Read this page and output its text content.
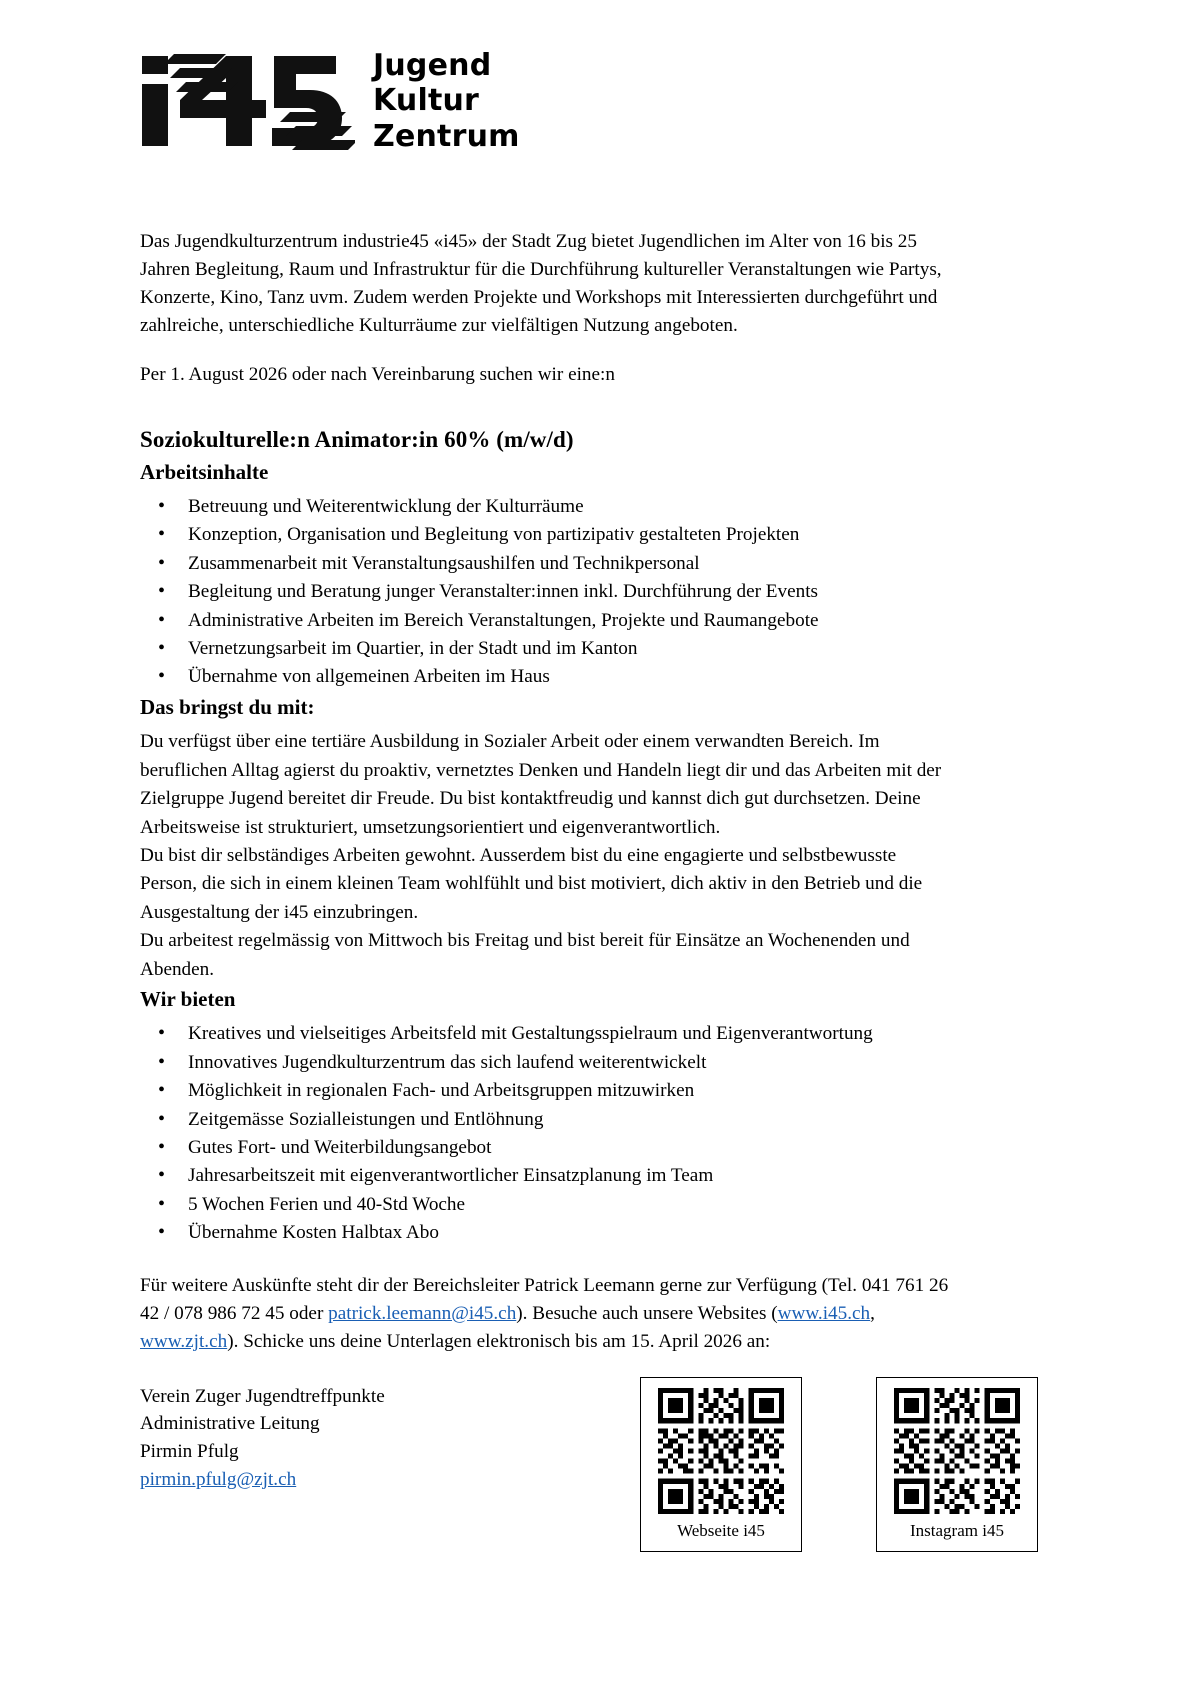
Jugend
Kultur
Zentrum

Das Jugendkulturzentrum industrie45 «i45» der Stadt Zug bietet Jugendlichen im Alter von 16 bis 25 Jahren Begleitung, Raum und Infrastruktur für die Durchführung kultureller Veranstaltungen wie Partys, Konzerte, Kino, Tanz uvm. Zudem werden Projekte und Workshops mit Interessierten durchgeführt und zahlreiche, unterschiedliche Kulturräume zur vielfältigen Nutzung angeboten.

Per 1. August 2026 oder nach Vereinbarung suchen wir eine:n

Soziokulturelle:n Animator:in 60% (m/w/d)
Arbeitsinhalte
• Betreuung und Weiterentwicklung der Kulturräume
• Konzeption, Organisation und Begleitung von partizipativ gestalteten Projekten
• Zusammenarbeit mit Veranstaltungsaushilfen und Technikpersonal
• Begleitung und Beratung junger Veranstalter:innen inkl. Durchführung der Events
• Administrative Arbeiten im Bereich Veranstaltungen, Projekte und Raumangebote
• Vernetzungsarbeit im Quartier, in der Stadt und im Kanton
• Übernahme von allgemeinen Arbeiten im Haus
Das bringst du mit:

Du verfügst über eine tertiäre Ausbildung in Sozialer Arbeit oder einem verwandten Bereich. Im beruflichen Alltag agierst du proaktiv, vernetztes Denken und Handeln liegt dir und das Arbeiten mit der Zielgruppe Jugend bereitet dir Freude. Du bist kontaktfreudig und kannst dich gut durchsetzen. Deine Arbeitsweise ist strukturiert, umsetzungsorientiert und eigenverantwortlich.

Du bist dir selbständiges Arbeiten gewohnt. Ausserdem bist du eine engagierte und selbstbewusste Person, die sich in einem kleinen Team wohlfühlt und bist motiviert, dich aktiv in den Betrieb und die Ausgestaltung der i45 einzubringen.

Du arbeitest regelmässig von Mittwoch bis Freitag und bist bereit für Einsätze an Wochenenden und Abenden.

Wir bieten
• Kreatives und vielseitiges Arbeitsfeld mit Gestaltungsspielraum und Eigenverantwortung
• Innovatives Jugendkulturzentrum das sich laufend weiterentwickelt
• Möglichkeit in regionalen Fach- und Arbeitsgruppen mitzuwirken
• Zeitgemässe Sozialleistungen und Entlöhnung
• Gutes Fort- und Weiterbildungsangebot
• Jahresarbeitszeit mit eigenverantwortlicher Einsatzplanung im Team
• 5 Wochen Ferien und 40-Std Woche
• Übernahme Kosten Halbtax Abo

Für weitere Auskünfte steht dir der Bereichsleiter Patrick Leemann gerne zur Verfügung (Tel. 041 761 26 42 / 078 986 72 45 oder patrick.leemann@i45.ch). Besuche auch unsere Websites (www.i45.ch, www.zjt.ch). Schicke uns deine Unterlagen elektronisch bis am 15. April 2026 an:

Verein Zuger Jugendtreffpunkte
Administrative Leitung
Pirmin Pfulg
pirmin.pfulg@zjt.ch
Webseite i45	Instagram i45
